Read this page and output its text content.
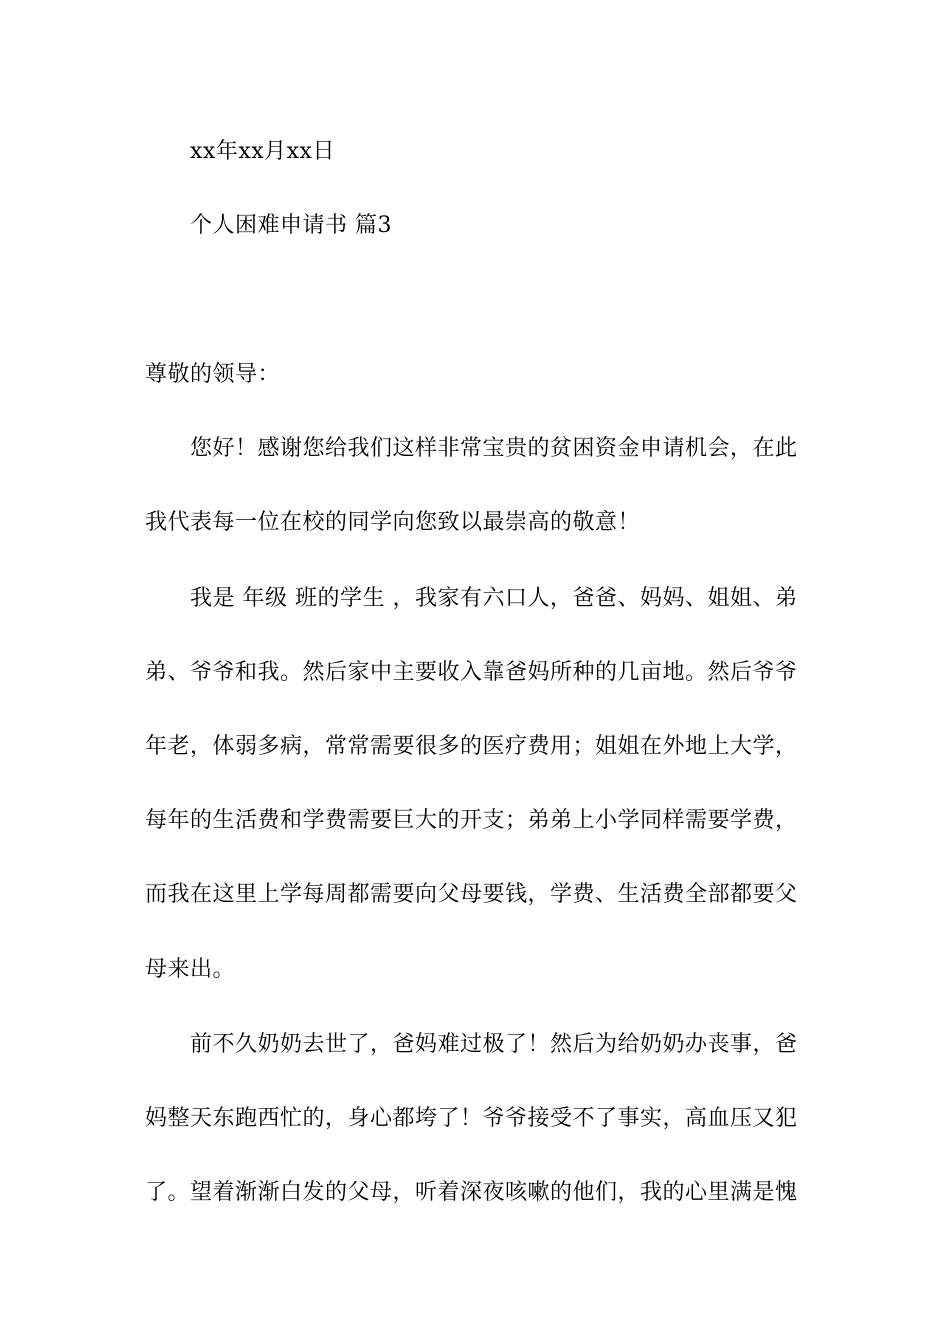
xx年xx月xx日
个人困难申请书 篇3
尊敬的领导：
您好！感谢您给我们这样非常宝贵的贫困资金申请机会，在此
我代表每一位在校的同学向您致以最崇高的敬意！
我是 年级 班的学生 ，我家有六口人，爸爸、妈妈、姐姐、弟
弟、爷爷和我。然后家中主要收入靠爸妈所种的几亩地。然后爷爷
年老，体弱多病，常常需要很多的医疗费用；姐姐在外地上大学，
每年的生活费和学费需要巨大的开支；弟弟上小学同样需要学费，
而我在这里上学每周都需要向父母要钱，学费、生活费全部都要父
母来出。
前不久奶奶去世了，爸妈难过极了！然后为给奶奶办丧事，爸
妈整天东跑西忙的，身心都垮了！爷爷接受不了事实，高血压又犯
了。望着渐渐白发的父母，听着深夜咳嗽的他们，我的心里满是愧
